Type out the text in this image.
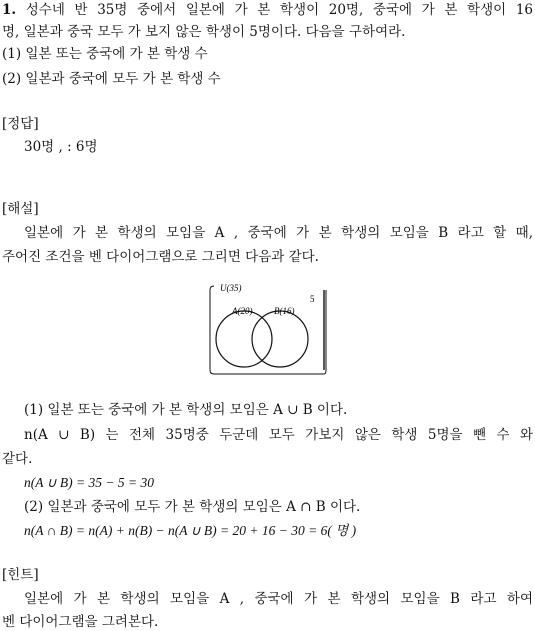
1. 성수네 반 35명 중에서 일본에 가 본 학생이 20명, 중국에 가 본 학생이 16
명, 일본과 중국 모두 가 보지 않은 학생이 5명이다. 다음을 구하여라.
(1) 일본 또는 중국에 가 본 학생 수
(2) 일본과 중국에 모두 가 본 학생 수
[정답]
30명 , : 6명
[해설]
일본에 가 본 학생의 모임을 A , 중국에 가 본 학생의 모임을 B 라고 할 때,
주어진 조건을 벤 다이어그램으로 그리면 다음과 같다.
U(35)
A(20) B(16)
5
(1) 일본 또는 중국에 가 본 학생의 모임은 A ∪ B 이다.
n(A ∪ B) 는 전체 35명중 두군데 모두 가보지 않은 학생 5명을 뺀 수 와
같다.
n(A ∪ B) = 35 − 5 = 30
(2) 일본과 중국에 모두 가 본 학생의 모임은 A ∩ B 이다.
n(A ∩ B) = n(A) + n(B) − n(A ∪ B) = 20 + 16 − 30 = 6( 명 )
[힌트]
일본에 가 본 학생의 모임을 A , 중국에 가 본 학생의 모임을 B 라고 하여
벤 다이어그램을 그려본다.
